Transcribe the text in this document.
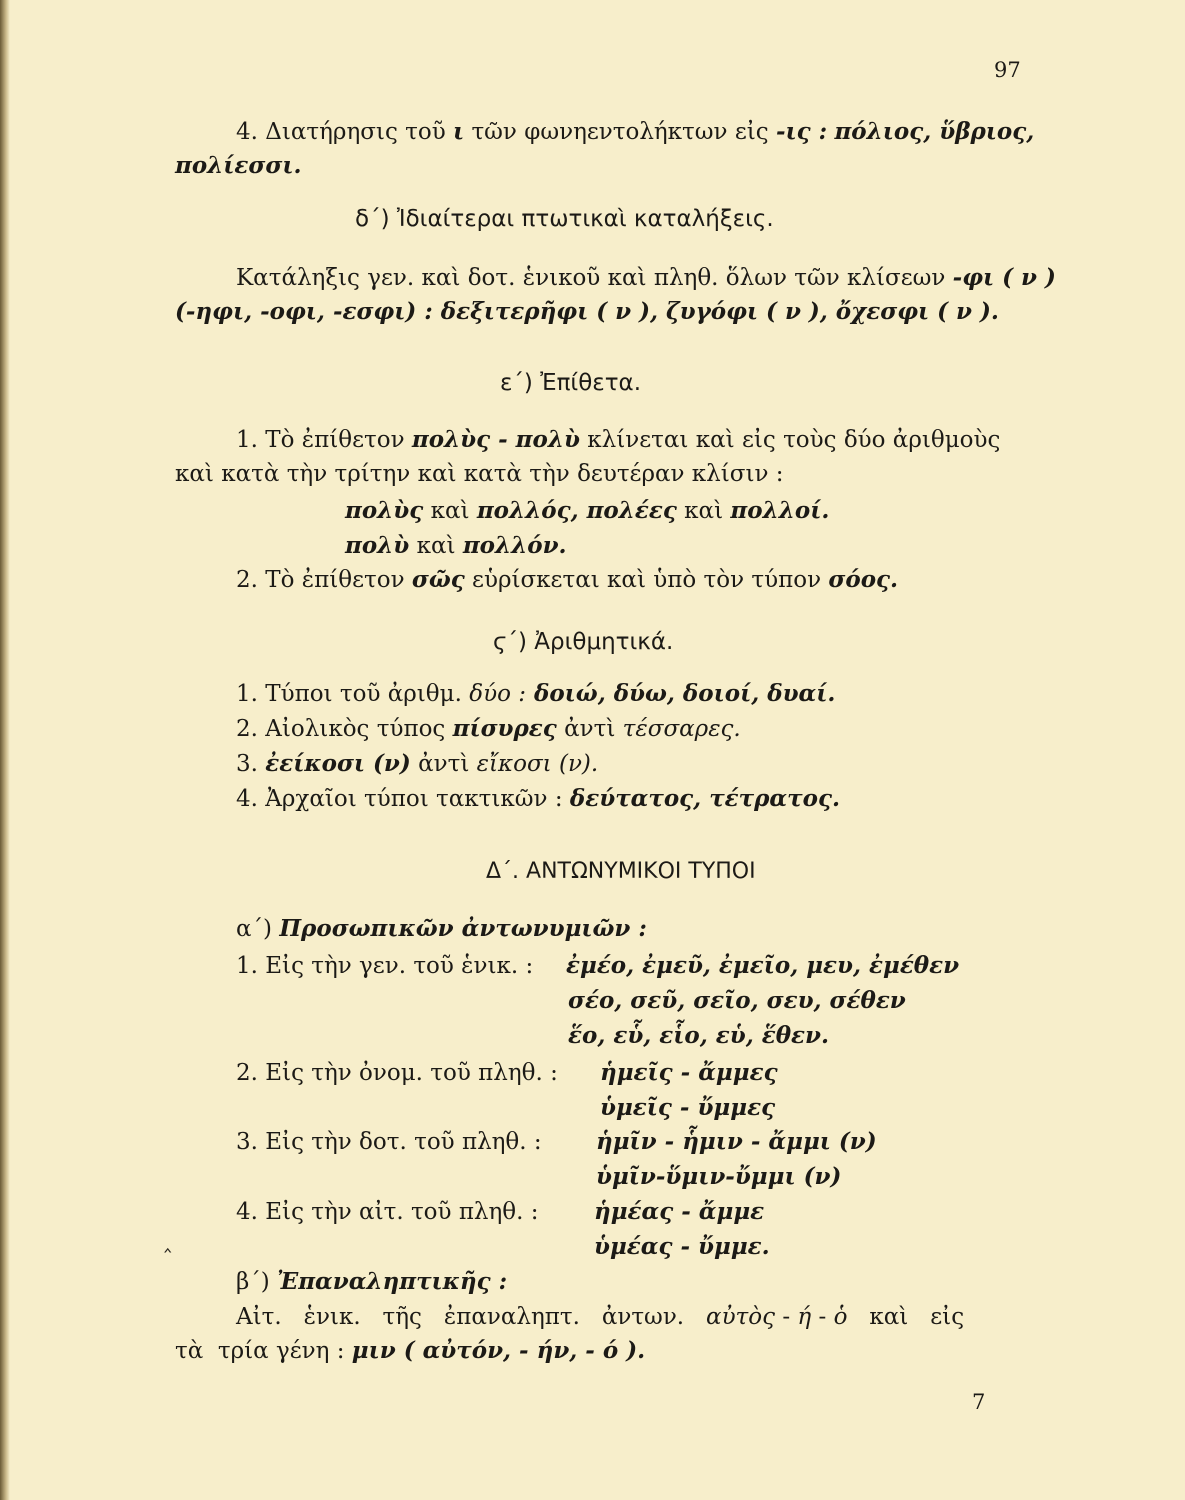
97
4. Διατήρησις τοῦ ι τῶν φωνηεντολήκτων εἰς -ις : πόλιος, ὕβριος,
πολίεσσι.
δ΄) Ἰδιαίτεραι πτωτικαὶ καταλήξεις.
Κατάληξις γεν. καὶ δοτ. ἑνικοῦ καὶ πληθ. ὅλων τῶν κλίσεων -φι ( ν )
(-ηφι, -οφι, -εσφι) : δεξιτερῆφι ( ν ), ζυγόφι ( ν ), ὄχεσφι ( ν ).
ε΄) Ἐπίθετα.
1. Τὸ ἐπίθετον πολὺς - πολὺ κλίνεται καὶ εἰς τοὺς δύο ἀριθμοὺς
καὶ κατὰ τὴν τρίτην καὶ κατὰ τὴν δευτέραν κλίσιν :
πολὺς καὶ πολλός, πολέες καὶ πολλοί.
πολὺ καὶ πολλόν.
2. Τὸ ἐπίθετον σῶς εὑρίσκεται καὶ ὑπὸ τὸν τύπον σόος.
ϛ΄) Ἀριθμητικά.
1. Τύποι τοῦ ἀριθμ. δύο : δοιώ, δύω, δοιοί, δυαί.
2. Αἰολικὸς τύπος πίσυρες ἀντὶ τέσσαρες.
3. ἐείκοσι (ν) ἀντὶ εἴκοσι (ν).
4. Ἀρχαῖοι τύποι τακτικῶν : δεύτατος, τέτρατος.
Δ΄. ΑΝΤΩΝΥΜΙΚΟΙ ΤΥΠΟΙ
α΄) Προσωπικῶν ἀντωνυμιῶν :
1. Εἰς τὴν γεν. τοῦ ἑνικ. : ἐμέο, ἐμεῦ, ἐμεῖο, μευ, ἐμέθεν
σέο, σεῦ, σεῖο, σευ, σέθεν
ἕο, εὗ, εἷο, εὑ, ἕθεν.
2. Εἰς τὴν ὀνομ. τοῦ πληθ. : ἡμεῖς - ἄμμες
ὑμεῖς - ὔμμες
3. Εἰς τὴν δοτ. τοῦ πληθ. : ἡμῖν - ἧμιν - ἄμμι (ν)
ὑμῖν-ὕμιν-ὔμμι (ν)
4. Εἰς τὴν αἰτ. τοῦ πληθ. : ἡμέας - ἄμμε
ὑμέας - ὔμμε.
‸
β΄) Ἐπαναληπτικῆς :
Αἰτ.   ἑνικ.   τῆς   ἐπαναληπτ.   ἀντων.   αὐτὸς - ή - ὁ   καὶ   εἰς
τὰ  τρία γένη : μιν ( αὐτόν, - ήν, - ό ).
7
